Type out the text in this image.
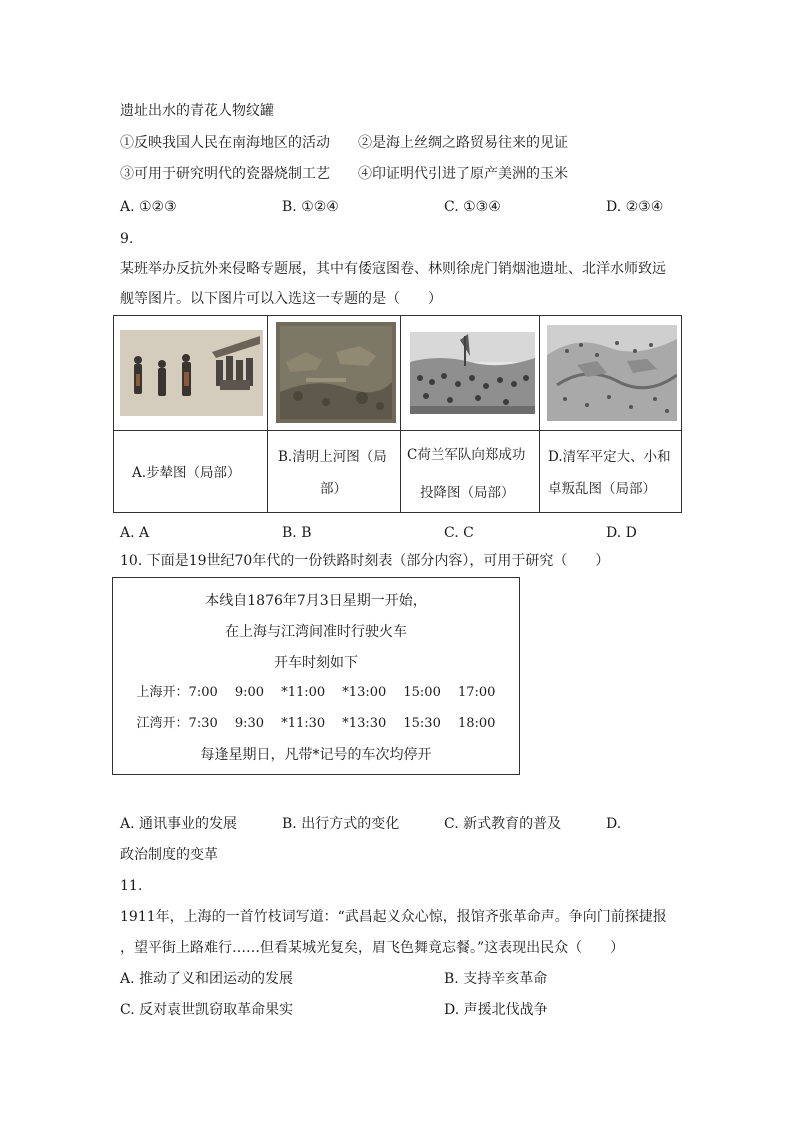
遗址出水的青花人物纹罐
①反映我国人民在南海地区的活动 ②是海上丝绸之路贸易往来的见证
③可用于研究明代的瓷器烧制工艺 ④印证明代引进了原产美洲的玉米
A. ①②③	B. ①②④	C. ①③④	D. ②③④
9.
某班举办反抗外来侵略专题展，其中有倭寇图卷、林则徐虎门销烟池遗址、北洋水师致远
舰等图片。以下图片可以入选这一专题的是（　　）
A.步辇图（局部）
B.清明上河图（局
部）
C荷兰军队向郑成功
投降图（局部）
D.清军平定大、小和
卓叛乱图（局部）
A. A	B. B	C. C	D. D
10. 下面是19世纪70年代的一份铁路时刻表（部分内容），可用于研究（　　）
本线自1876年7月3日星期一开始，
在上海与江湾间准时行驶火车
开车时刻如下
上海开：7:00　 9:00　 *11:00　 *13:00　 15:00　 17:00
江湾开：7:30　 9:30　 *11:30　 *13:30　 15:30　 18:00
每逢星期日，凡带*记号的车次均停开
A. 通讯事业的发展	B. 出行方式的变化	C. 新式教育的普及	D.
政治制度的变革
11.
1911年，上海的一首竹枝词写道：“武昌起义众心惊，报馆齐张革命声。争向门前探捷报
，望平街上路难行……但看某城光复矣，眉飞色舞竟忘餐。”这表现出民众（　　）
A. 推动了义和团运动的发展	B. 支持辛亥革命
C. 反对袁世凯窃取革命果实	D. 声援北伐战争
